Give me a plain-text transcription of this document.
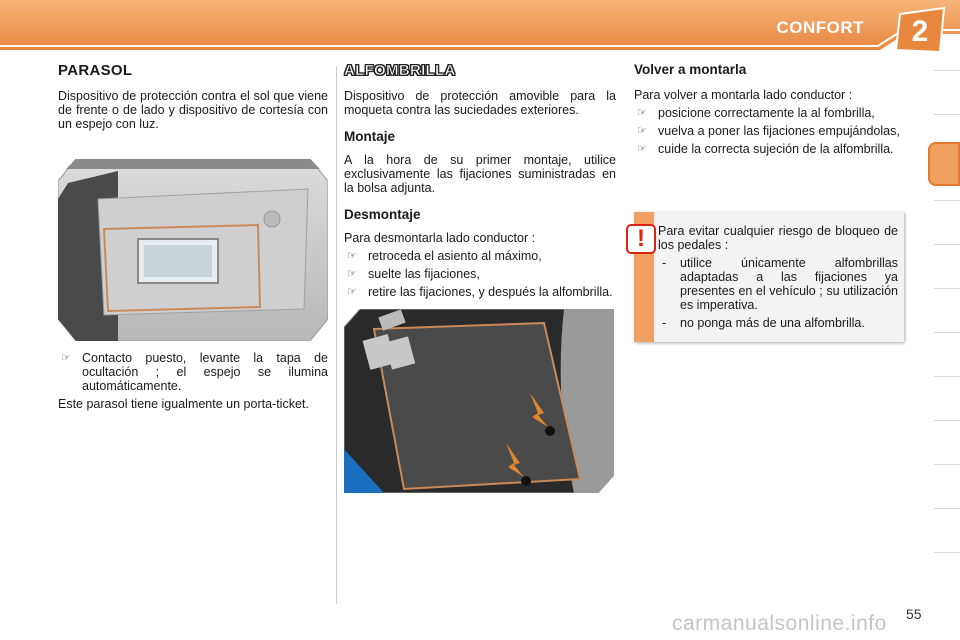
CONFORT	2
PARASOL

Dispositivo de protección contra el sol que viene de frente o de lado y dispositivo de cortesía con un espejo con luz.

☞ Contacto puesto, levante la tapa de ocultación ; el espejo se ilumina automáticamente.

Este parasol tiene igualmente un porta-ticket.

ALFOMBRILLA

Dispositivo de protección amovible para la moqueta contra las suciedades exteriores.

Montaje

A la hora de su primer montaje, utilice exclusivamente las fijaciones suministradas en la bolsa adjunta.

Desmontaje

Para desmontarla lado conductor :

☞ retroceda el asiento al máximo,
☞ suelte las fijaciones,
☞ retire las fijaciones, y después la alfombrilla.
Volver a montarla

Para volver a montarla lado conductor :

☞ posicione correctamente la al fombrilla,
☞ vuelva a poner las fijaciones empujándolas,
☞ cuide la correcta sujeción de la alfombrilla.
!	Para evitar cualquier riesgo de bloqueo de los pedales :

-	utilice únicamente alfombrillas adaptadas a las fijaciones ya presentes en el vehículo ; su utilización es imperativa.
-	no ponga más de una alfombrilla.
carmanualsonline.info 55
